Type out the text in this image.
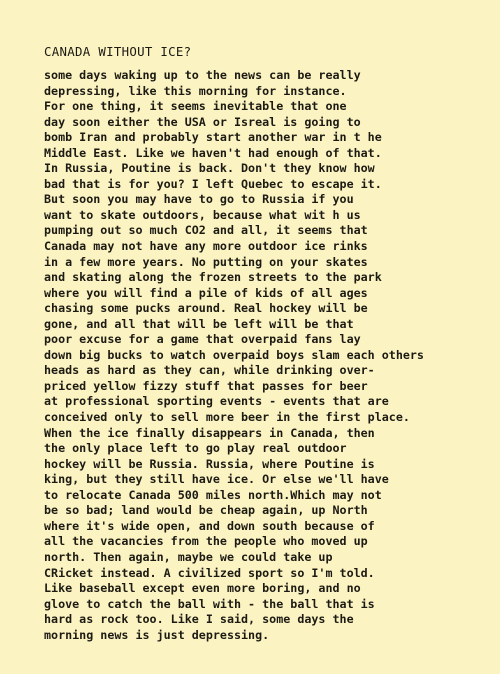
CANADA WITHOUT ICE?
some days waking up to the news can be really
depressing, like this morning for instance.
For one thing, it seems inevitable that one
day soon either the USA or Isreal is going to
bomb Iran and probably start another war in t he
Middle East. Like we haven't had enough of that.
In Russia, Poutine is back. Don't they know how
bad that is for you? I left Quebec to escape it.
But soon you may have to go to Russia if you
want to skate outdoors, because what wit h us
pumping out so much CO2 and all, it seems that
Canada may not have any more outdoor ice rinks
in a few more years. No putting on your skates
and skating along the frozen streets to the park
where you will find a pile of kids of all ages
chasing some pucks around. Real hockey will be
gone, and all that will be left will be that
poor excuse for a game that overpaid fans lay
down big bucks to watch overpaid boys slam each others
heads as hard as they can, while drinking over-
priced yellow fizzy stuff that passes for beer
at professional sporting events - events that are
conceived only to sell more beer in the first place.
When the ice finally disappears in Canada, then
the only place left to go play real outdoor
hockey will be Russia. Russia, where Poutine is
king, but they still have ice. Or else we'll have
to relocate Canada 500 miles north.Which may not
be so bad; land would be cheap again, up North
where it's wide open, and down south because of
all the vacancies from the people who moved up
north. Then again, maybe we could take up
CRicket instead. A civilized sport so I'm told.
Like baseball except even more boring, and no
glove to catch the ball with - the ball that is
hard as rock too. Like I said, some days the
morning news is just depressing.
